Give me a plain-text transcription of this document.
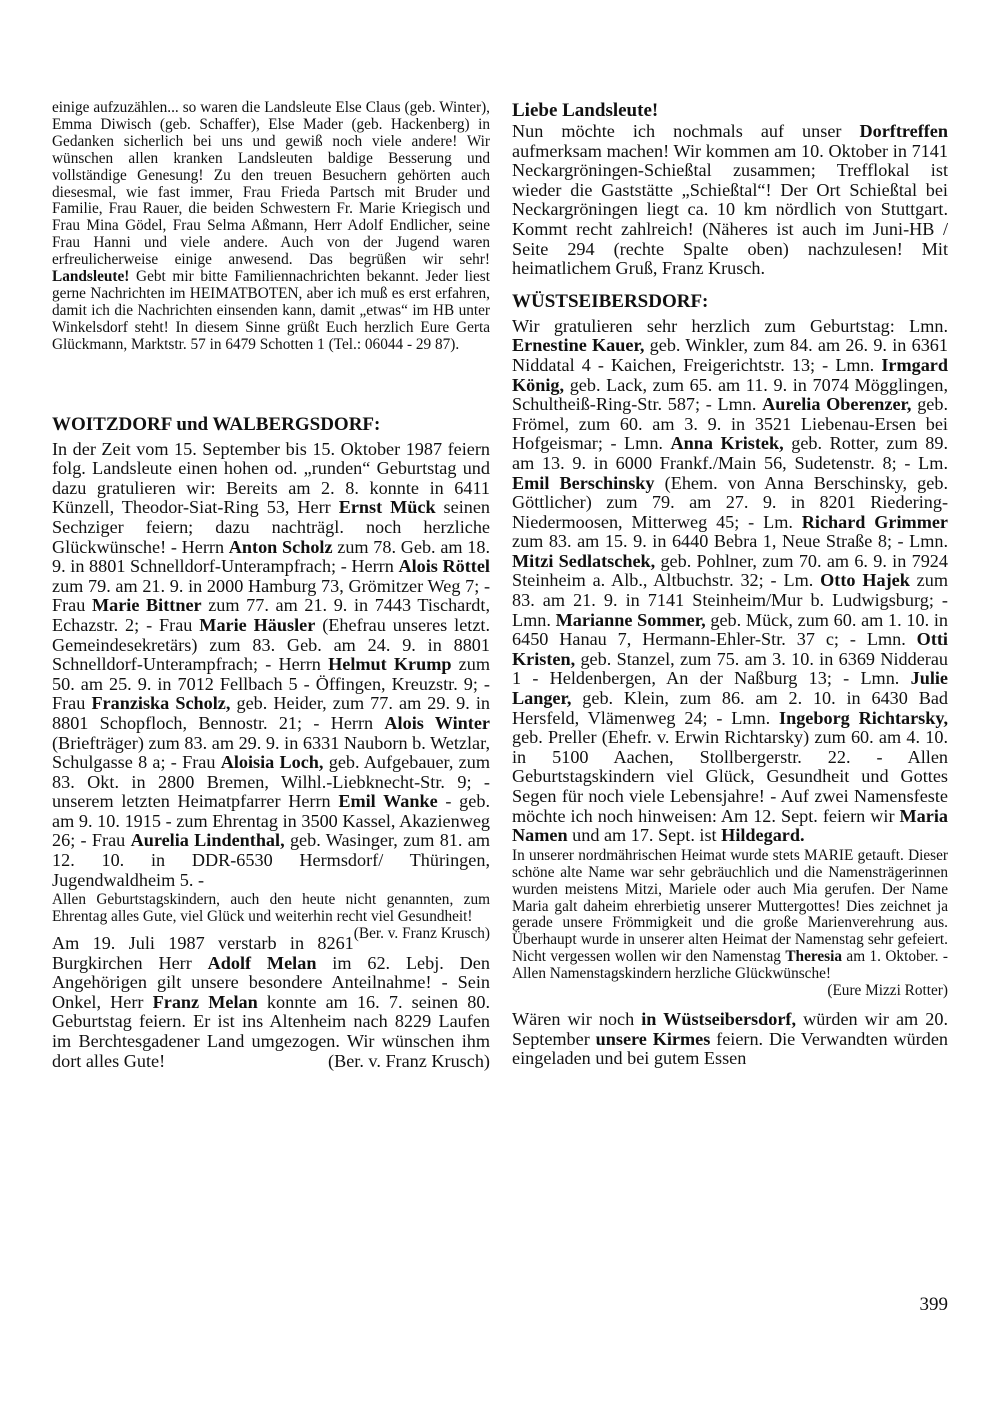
einige aufzuzählen... so waren die Landsleute Else Claus (geb. Winter), Emma Diwisch (geb. Schaffer), Else Mader (geb. Hackenberg) in Gedanken sicherlich bei uns und gewiß noch viele andere! Wir wünschen allen kranken Landsleuten baldige Besserung und vollständige Genesung! Zu den treuen Besuchern gehörten auch diesesmal, wie fast immer, Frau Frieda Partsch mit Bruder und Familie, Frau Rauer, die beiden Schwestern Fr. Marie Kriegisch und Frau Mina Gödel, Frau Selma Aßmann, Herr Adolf Endlicher, seine Frau Hanni und viele andere. Auch von der Jugend waren erfreulicherweise einige anwesend. Das begrüßen wir sehr! Landsleute! Gebt mir bitte Familiennachrichten bekannt. Jeder liest gerne Nachrichten im HEIMATBOTEN, aber ich muß es erst erfahren, damit ich die Nachrichten einsenden kann, damit „etwas“ im HB unter Winkelsdorf steht! In diesem Sinne grüßt Euch herzlich Eure Gerta Glückmann, Marktstr. 57 in 6479 Schotten 1 (Tel.: 06044 - 29 87).

WOITZDORF und WALBERGSDORF:

In der Zeit vom 15. September bis 15. Oktober 1987 feiern folg. Landsleute einen hohen od. „runden“ Geburtstag und dazu gratulieren wir: Bereits am 2. 8. konnte in 6411 Künzell, Theodor-Siat-Ring 53, Herr Ernst Mück seinen Sechziger feiern; dazu nachträgl. noch herzliche Glückwünsche! - Herrn Anton Scholz zum 78. Geb. am 18. 9. in 8801 Schnelldorf-Unterampfrach; - Herrn Alois Röttel zum 79. am 21. 9. in 2000 Hamburg 73, Grömitzer Weg 7; - Frau Marie Bittner zum 77. am 21. 9. in 7443 Tischardt, Echazstr. 2; - Frau Marie Häusler (Ehefrau unseres letzt. Gemeindesekretärs) zum 83. Geb. am 24. 9. in 8801 Schnelldorf-Unterampfrach; - Herrn Helmut Krump zum 50. am 25. 9. in 7012 Fellbach 5 - Öffingen, Kreuzstr. 9; - Frau Franziska Scholz, geb. Heider, zum 77. am 29. 9. in 8801 Schopfloch, Bennostr. 21; - Herrn Alois Winter (Briefträger) zum 83. am 29. 9. in 6331 Nauborn b. Wetzlar, Schulgasse 8 a; - Frau Aloisia Loch, geb. Aufgebauer, zum 83. Okt. in 2800 Bremen, Wilhl.-Liebknecht-Str. 9; - unserem letzten Heimatpfarrer Herrn Emil Wanke - geb. am 9. 10. 1915 - zum Ehrentag in 3500 Kassel, Akazienweg 26; - Frau Aurelia Lindenthal, geb. Wasinger, zum 81. am 12. 10. in DDR-6530 Hermsdorf/ Thüringen, Jugendwaldheim 5. -

Allen Geburtstagskindern, auch den heute nicht genannten, zum Ehrentag alles Gute, viel Glück und weiterhin recht viel Gesundheit!
(Ber. v. Franz Krusch)

Am 19. Juli 1987 verstarb in 8261 Burgkirchen Herr Adolf Melan im 62. Lebj. Den Angehörigen gilt unsere besondere Anteilnahme! - Sein Onkel, Herr Franz Melan konnte am 16. 7. seinen 80. Geburtstag feiern. Er ist ins Altenheim nach 8229 Laufen im Berchtesgadener Land umgezogen. Wir wünschen ihm dort alles Gute!	(Ber. v. Franz Krusch)

Liebe Landsleute!

Nun möchte ich nochmals auf unser Dorftreffen aufmerksam machen! Wir kommen am 10. Oktober in 7141 Neckargröningen-Schießtal zusammen; Trefflokal ist wieder die Gaststätte „Schießtal“! Der Ort Schießtal bei Neckargröningen liegt ca. 10 km nördlich von Stuttgart. Kommt recht zahlreich! (Näheres ist auch im Juni-HB / Seite 294 (rechte Spalte oben) nachzulesen! Mit heimatlichem Gruß, Franz Krusch.

WÜSTSEIBERSDORF:

Wir gratulieren sehr herzlich zum Geburtstag: Lmn. Ernestine Kauer, geb. Winkler, zum 84. am 26. 9. in 6361 Niddatal 4 - Kaichen, Freigerichtstr. 13; - Lmn. Irmgard König, geb. Lack, zum 65. am 11. 9. in 7074 Mögglingen, Schultheiß-Ring-Str. 587; - Lmn. Aurelia Oberenzer, geb. Frömel, zum 60. am 3. 9. in 3521 Liebenau-Ersen bei Hofgeismar; - Lmn. Anna Kristek, geb. Rotter, zum 89. am 13. 9. in 6000 Frankf./Main 56, Sudetenstr. 8; - Lm. Emil Berschinsky (Ehem. von Anna Berschinsky, geb. Göttlicher) zum 79. am 27. 9. in 8201 Riedering-Niedermoosen, Mitterweg 45; - Lm. Richard Grimmer zum 83. am 15. 9. in 6440 Bebra 1, Neue Straße 8; - Lmn. Mitzi Sedlatschek, geb. Pohlner, zum 70. am 6. 9. in 7924 Steinheim a. Alb., Altbuchstr. 32; - Lm. Otto Hajek zum 83. am 21. 9. in 7141 Steinheim/Mur b. Ludwigsburg; - Lmn. Marianne Sommer, geb. Mück, zum 60. am 1. 10. in 6450 Hanau 7, Hermann-Ehler-Str. 37 c; - Lmn. Otti Kristen, geb. Stanzel, zum 75. am 3. 10. in 6369 Nidderau 1 - Heldenbergen, An der Naßburg 13; - Lmn. Julie Langer, geb. Klein, zum 86. am 2. 10. in 6430 Bad Hersfeld, Vlämenweg 24; - Lmn. Ingeborg Richtarsky, geb. Preller (Ehefr. v. Erwin Richtarsky) zum 60. am 4. 10. in 5100 Aachen, Stollbergerstr. 22. - Allen Geburtstagskindern viel Glück, Gesundheit und Gottes Segen für noch viele Lebensjahre! - Auf zwei Namensfeste möchte ich noch hinweisen: Am 12. Sept. feiern wir Maria Namen und am 17. Sept. ist Hildegard.

In unserer nordmährischen Heimat wurde stets MARIE getauft. Dieser schöne alte Name war sehr gebräuchlich und die Namensträgerinnen wurden meistens Mitzi, Mariele oder auch Mia gerufen. Der Name Maria galt daheim ehrerbietig unserer Muttergottes! Dies zeichnet ja gerade unsere Frömmigkeit und die große Marienverehrung aus. Überhaupt wurde in unserer alten Heimat der Namenstag sehr gefeiert. Nicht vergessen wollen wir den Namenstag Theresia am 1. Oktober. - Allen Namenstagskindern herzliche Glückwünsche!

(Eure Mizzi Rotter)

Wären wir noch in Wüstseibersdorf, würden wir am 20. September unsere Kirmes feiern. Die Verwandten würden eingeladen und bei gutem Essen

399
